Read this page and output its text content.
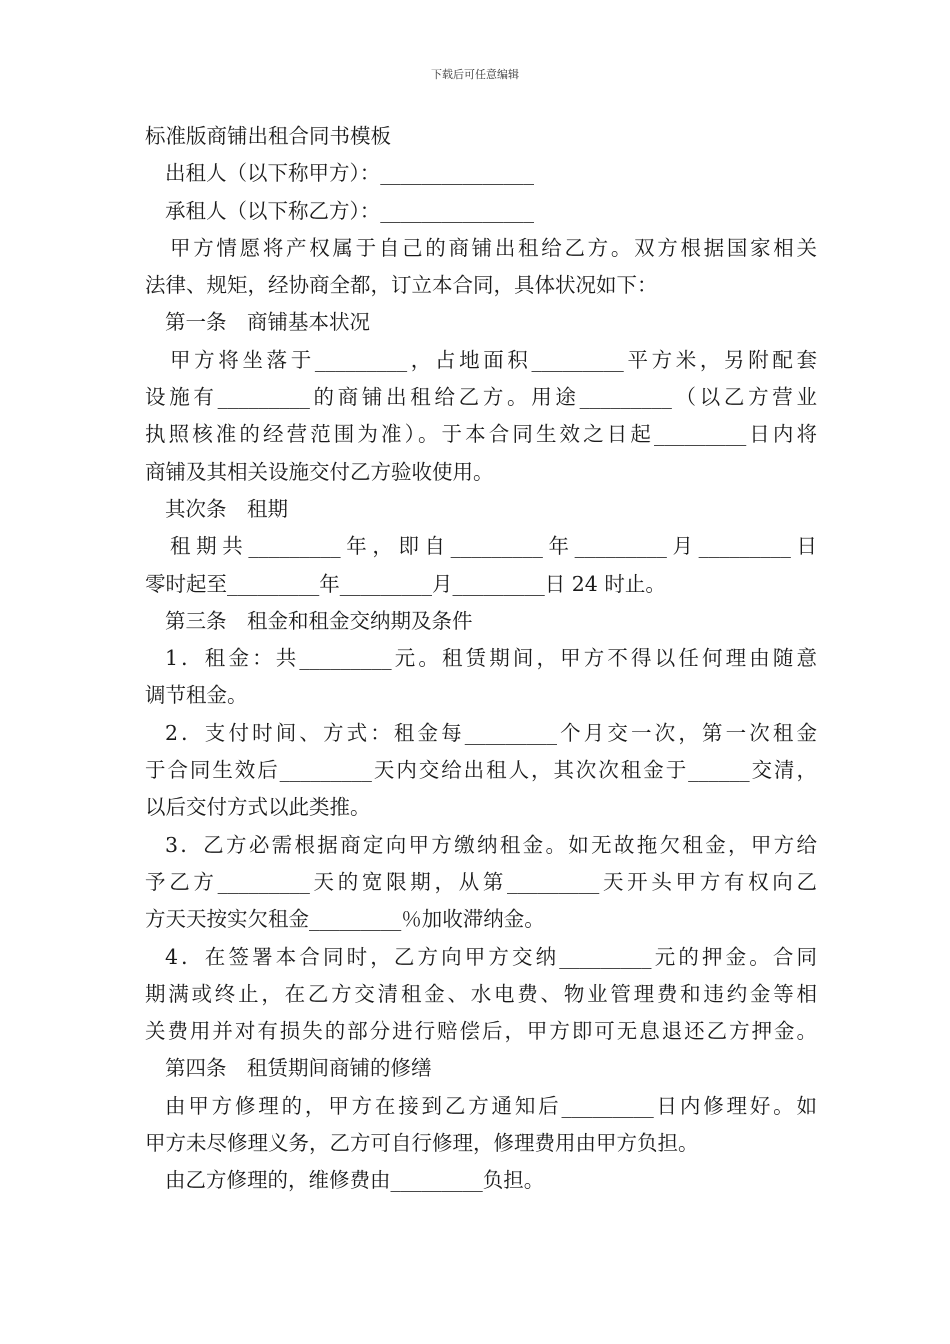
下载后可任意编辑
标准版商铺出租合同书模板
出租人（以下称甲方）：_______________
承租人（以下称乙方）：_______________
甲方情愿将产权属于自己的商铺出租给乙方。双方根据国家相关
法律、规矩，经协商全都，订立本合同，具体状况如下：
第一条　商铺基本状况
甲方将坐落于_________，占地面积_________平方米，另附配套
设施有_________的商铺出租给乙方。用途_________（以乙方营业
执照核准的经营范围为准）。于本合同生效之日起_________日内将
商铺及其相关设施交付乙方验收使用。
其次条　租期
租期共_________年，即自_________年_________月_________日
零时起至_________年_________月_________日 24 时止。
第三条　租金和租金交纳期及条件
1．租金：共_________元。租赁期间，甲方不得以任何理由随意
调节租金。
2．支付时间、方式：租金每_________个月交一次，第一次租金
于合同生效后_________天内交给出租人，其次次租金于______交清，
以后交付方式以此类推。
3．乙方必需根据商定向甲方缴纳租金。如无故拖欠租金，甲方给
予乙方_________天的宽限期，从第_________天开头甲方有权向乙
方天天按实欠租金_________％加收滞纳金。
4．在签署本合同时，乙方向甲方交纳_________元的押金。合同
期满或终止，在乙方交清租金、水电费、物业管理费和违约金等相
关费用并对有损失的部分进行赔偿后，甲方即可无息退还乙方押金。
第四条　租赁期间商铺的修缮
由甲方修理的，甲方在接到乙方通知后_________日内修理好。如
甲方未尽修理义务，乙方可自行修理，修理费用由甲方负担。
由乙方修理的，维修费由_________负担。
